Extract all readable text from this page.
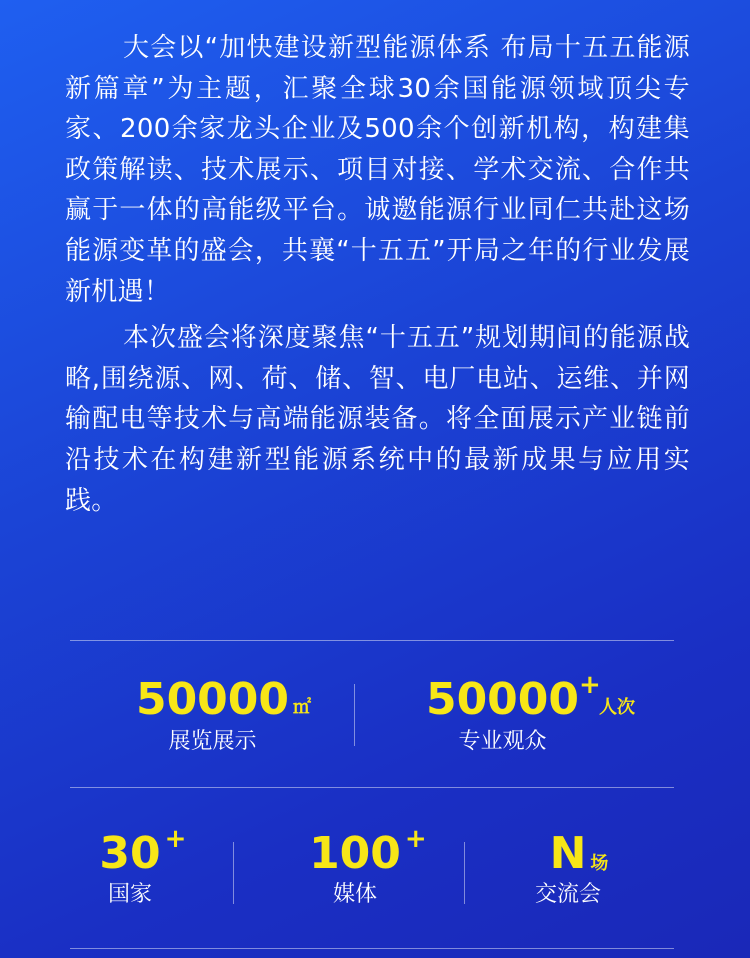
大会以“加快建设新型能源体系 布局十五五能源新篇章”为主题，汇聚全球30余国能源领域顶尖专家、200余家龙头企业及500余个创新机构，构建集政策解读、技术展示、项目对接、学术交流、合作共赢于一体的高能级平台。诚邀能源行业同仁共赴这场能源变革的盛会，共襄“十五五”开局之年的行业发展新机遇！

本次盛会将深度聚焦“十五五”规划期间的能源战略,围绕源、网、荷、储、智、电厂电站、运维、并网输配电等技术与高端能源装备。将全面展示产业链前沿技术在构建新型能源系统中的最新成果与应用实践。

50000 ㎡
展览展示
50000 +
人次
专业观众
30 +
国家
100 +
媒体
N 场
交流会
